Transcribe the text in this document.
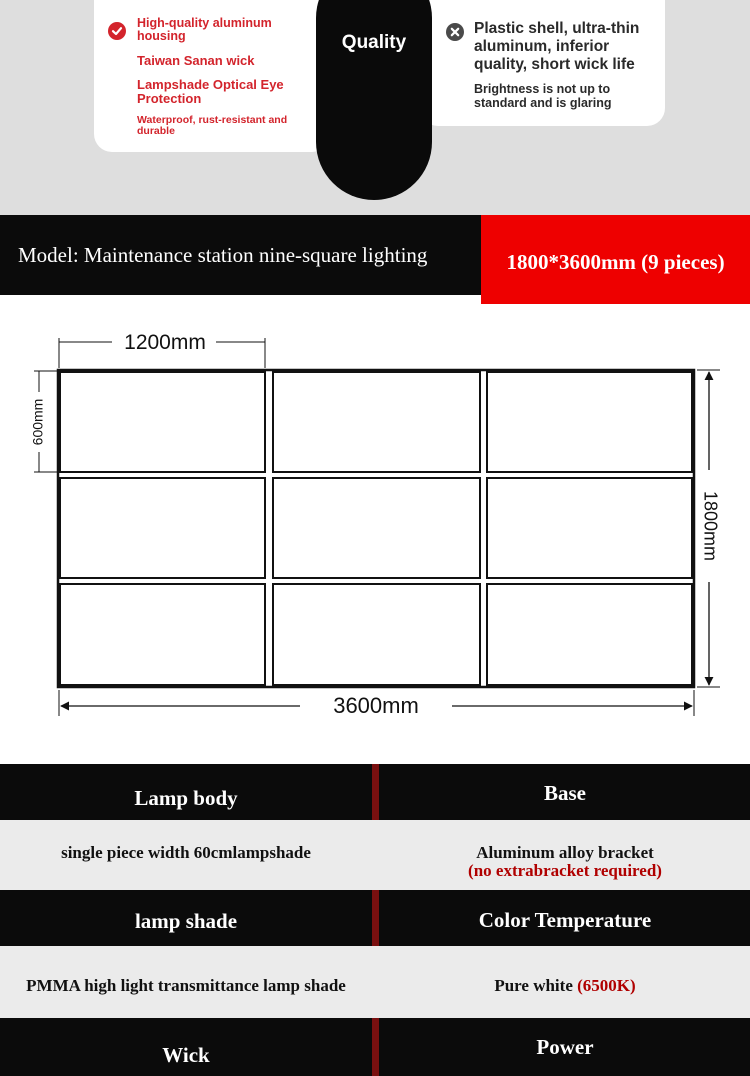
Quality
High-quality aluminum housing
Taiwan Sanan wick
Lampshade Optical Eye Protection
Waterproof, rust-resistant and durable
Plastic shell, ultra-thin aluminum, inferior quality, short wick life
Brightness is not up to standard and is glaring
Model: Maintenance station nine-square lighting	1800*3600mm (9 pieces)
1200mm
600mm
1800mm
3600mm
Lamp body	Base
single piece width 60cmlampshade	Aluminum alloy bracket
(no extrabracket required)
lamp shade	Color Temperature
PMMA high light transmittance lamp shade	Pure white (6500K)
Wick	Power
